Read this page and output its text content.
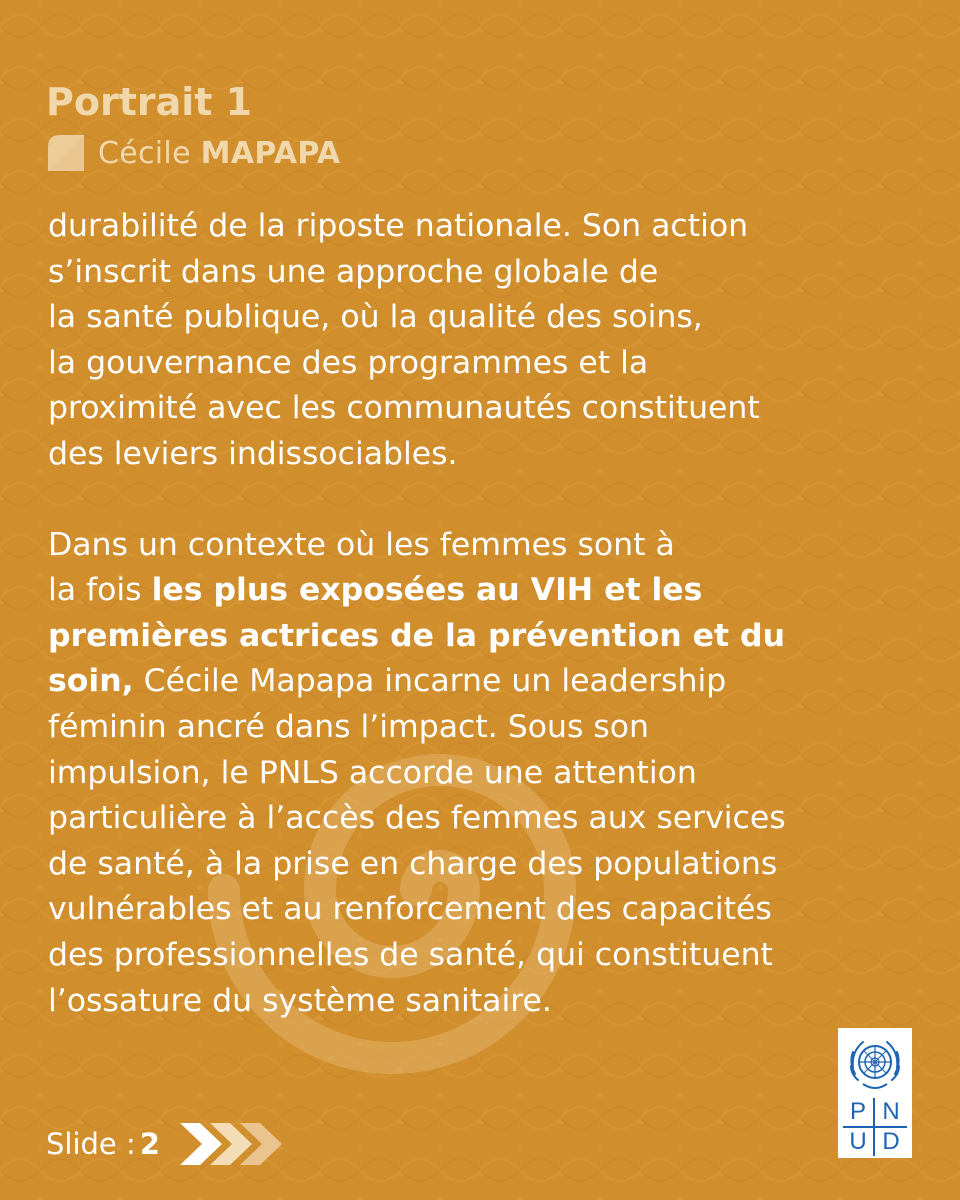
Portrait 1
Cécile MAPAPA

durabilité de la riposte nationale. Son action

s’inscrit dans une approche globale de

la santé publique, où la qualité des soins,

la gouvernance des programmes et la

proximité avec les communautés constituent

des leviers indissociables.

Dans un contexte où les femmes sont à

la fois les plus exposées au VIH et les

premières actrices de la prévention et du

soin, Cécile Mapapa incarne un leadership

féminin ancré dans l’impact. Sous son

impulsion, le PNLS accorde une attention

particulière à l’accès des femmes aux services

de santé, à la prise en charge des populations

vulnérables et au renforcement des capacités

des professionnelles de santé, qui constituent

l’ossature du système sanitaire.

Slide : 2
P N
U D
